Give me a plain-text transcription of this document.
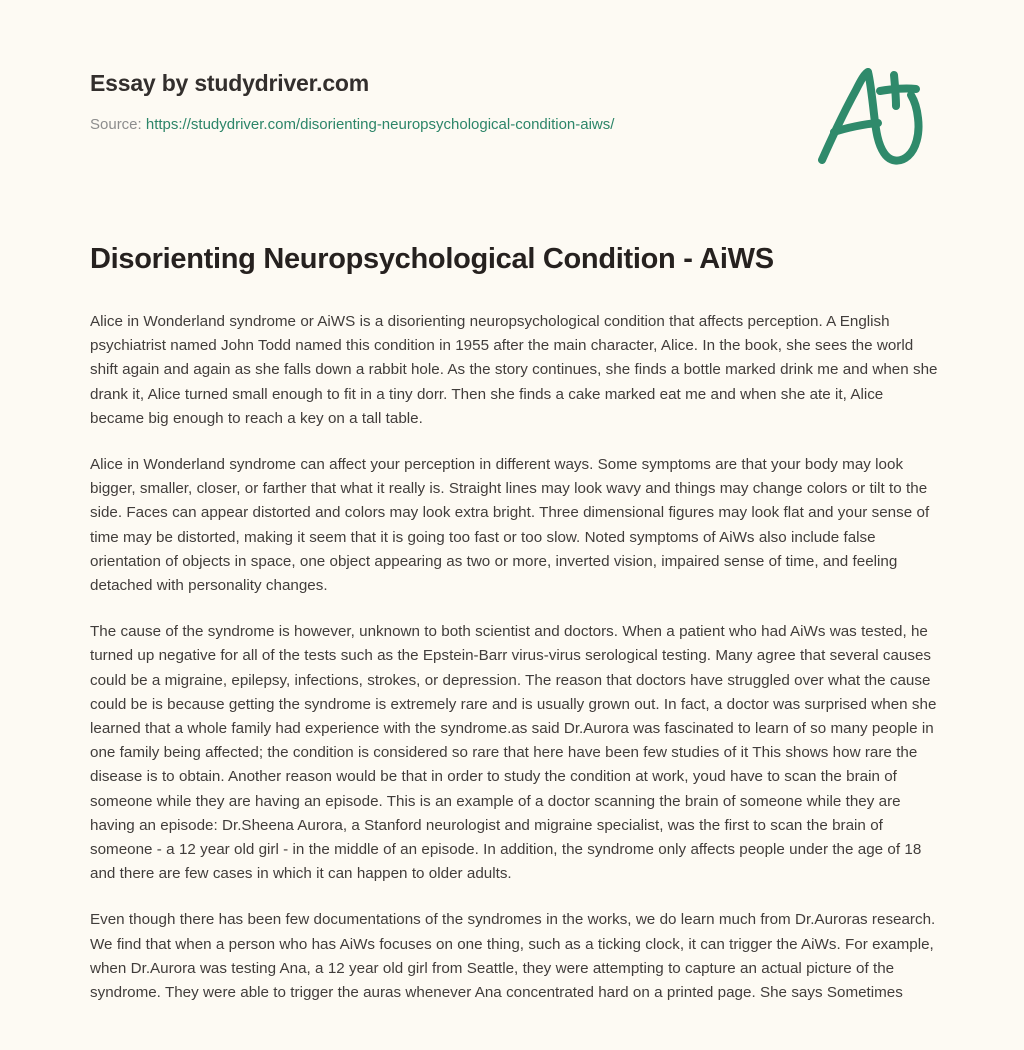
Essay by studydriver.com
Source: https://studydriver.com/disorienting-neuropsychological-condition-aiws/
Disorienting Neuropsychological Condition - AiWS

Alice in Wonderland syndrome or AiWS is a disorienting neuropsychological condition that affects perception. A English psychiatrist named John Todd named this condition in 1955 after the main character, Alice. In the book, she sees the world shift again and again as she falls down a rabbit hole. As the story continues, she finds a bottle marked drink me and when she drank it, Alice turned small enough to fit in a tiny dorr. Then she finds a cake marked eat me and when she ate it, Alice became big enough to reach a key on a tall table.

Alice in Wonderland syndrome can affect your perception in different ways. Some symptoms are that your body may look bigger, smaller, closer, or farther that what it really is. Straight lines may look wavy and things may change colors or tilt to the side. Faces can appear distorted and colors may look extra bright. Three dimensional figures may look flat and your sense of time may be distorted, making it seem that it is going too fast or too slow. Noted symptoms of AiWs also include false orientation of objects in space, one object appearing as two or more, inverted vision, impaired sense of time, and feeling detached with personality changes.

The cause of the syndrome is however, unknown to both scientist and doctors. When a patient who had AiWs was tested, he turned up negative for all of the tests such as the Epstein-Barr virus-virus serological testing. Many agree that several causes could be a migraine, epilepsy, infections, strokes, or depression. The reason that doctors have struggled over what the cause could be is because getting the syndrome is extremely rare and is usually grown out. In fact, a doctor was surprised when she learned that a whole family had experience with the syndrome.as said Dr.Aurora was fascinated to learn of so many people in one family being affected; the condition is considered so rare that here have been few studies of it This shows how rare the disease is to obtain. Another reason would be that in order to study the condition at work, youd have to scan the brain of someone while they are having an episode. This is an example of a doctor scanning the brain of someone while they are having an episode: Dr.Sheena Aurora, a Stanford neurologist and migraine specialist, was the first to scan the brain of someone - a 12 year old girl - in the middle of an episode. In addition, the syndrome only affects people under the age of 18 and there are few cases in which it can happen to older adults.

Even though there has been few documentations of the syndromes in the works, we do learn much from Dr.Auroras research. We find that when a person who has AiWs focuses on one thing, such as a ticking clock, it can trigger the AiWs. For example, when Dr.Aurora was testing Ana, a 12 year old girl from Seattle, they were attempting to capture an actual picture of the syndrome. They were able to trigger the auras whenever Ana concentrated hard on a printed page. She says Sometimes
